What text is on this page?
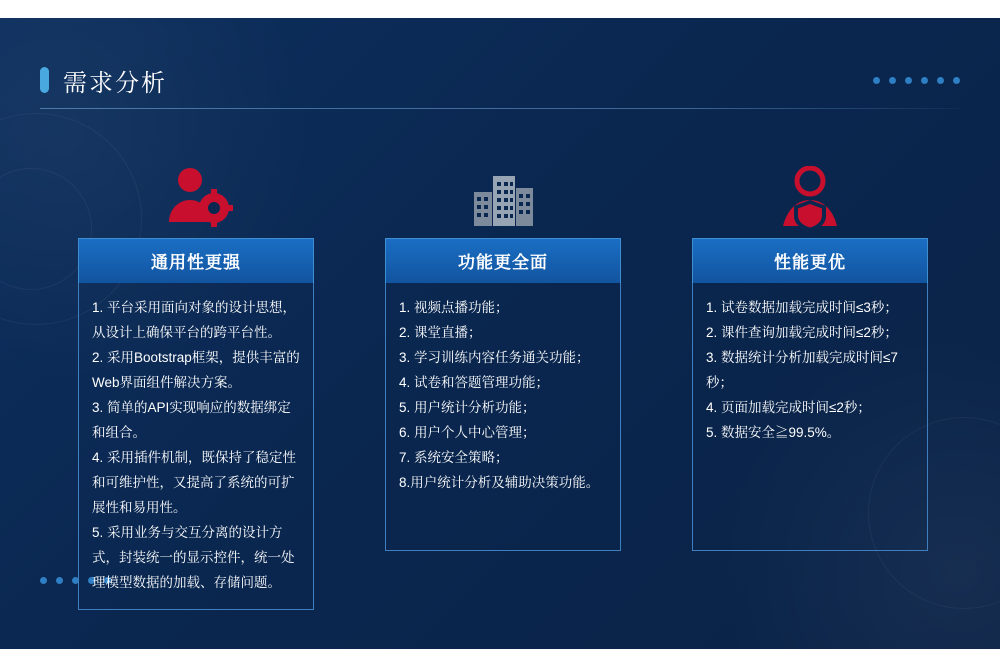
需求分析
通用性更强

1. 平台采用面向对象的设计思想，从设计上确保平台的跨平台性。

2. 采用Bootstrap框架，提供丰富的Web界面组件解决方案。

3. 简单的API实现响应的数据绑定和组合。

4. 采用插件机制，既保持了稳定性和可维护性，又提高了系统的可扩展性和易用性。

5. 采用业务与交互分离的设计方式，封装统一的显示控件，统一处理模型数据的加载、存储问题。

功能更全面

1. 视频点播功能；

2. 课堂直播；

3. 学习训练内容任务通关功能；

4. 试卷和答题管理功能；

5. 用户统计分析功能；

6. 用户个人中心管理；

7. 系统安全策略；

8.用户统计分析及辅助决策功能。

性能更优

1. 试卷数据加载完成时间≤3秒；

2. 课件查询加载完成时间≤2秒；

3. 数据统计分析加载完成时间≤7秒；

4. 页面加载完成时间≤2秒；

5. 数据安全≧99.5%。
